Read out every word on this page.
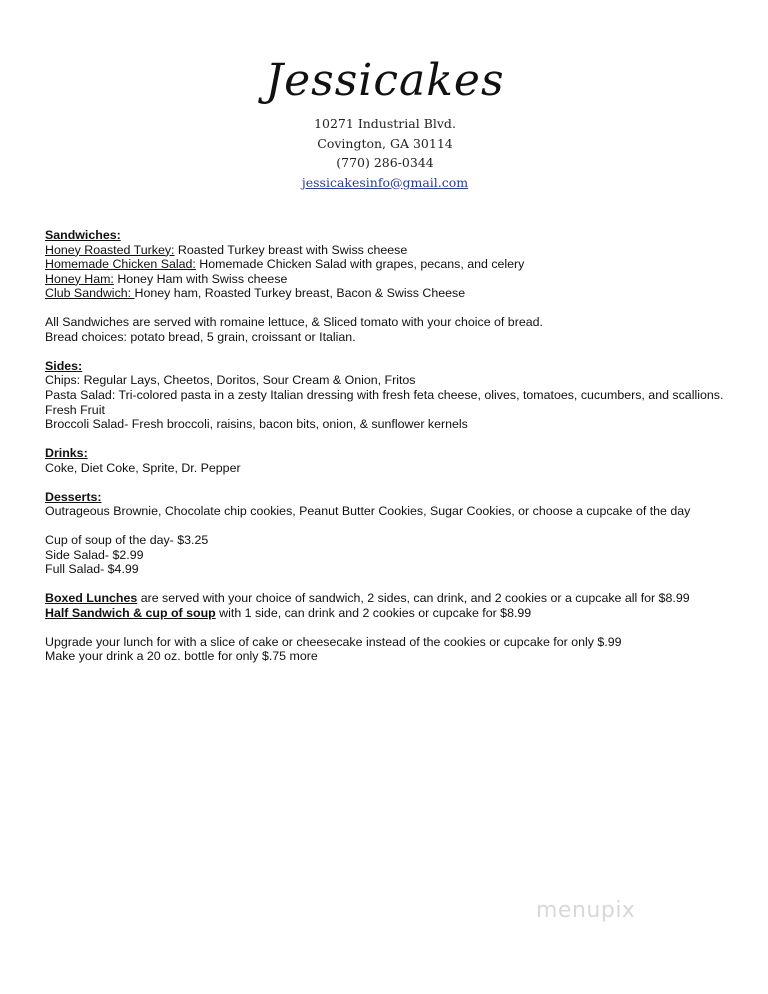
Jessicakes
10271 Industrial Blvd.
Covington, GA 30114
(770) 286-0344
jessicakesinfo@gmail.com
Sandwiches:
Honey Roasted Turkey: Roasted Turkey breast with Swiss cheese
Homemade Chicken Salad: Homemade Chicken Salad with grapes, pecans, and celery
Honey Ham: Honey Ham with Swiss cheese
Club Sandwich: Honey ham, Roasted Turkey breast, Bacon & Swiss Cheese
All Sandwiches are served with romaine lettuce, & Sliced tomato with your choice of bread.
Bread choices: potato bread, 5 grain, croissant or Italian.
Sides:
Chips: Regular Lays, Cheetos, Doritos, Sour Cream & Onion, Fritos
Pasta Salad: Tri-colored pasta in a zesty Italian dressing with fresh feta cheese, olives, tomatoes, cucumbers, and scallions.
Fresh Fruit
Broccoli Salad- Fresh broccoli, raisins, bacon bits, onion, & sunflower kernels
Drinks:
Coke, Diet Coke, Sprite, Dr. Pepper
Desserts:
Outrageous Brownie, Chocolate chip cookies, Peanut Butter Cookies, Sugar Cookies, or choose a cupcake of the day
Cup of soup of the day- $3.25
Side Salad- $2.99
Full Salad- $4.99
Boxed Lunches are served with your choice of sandwich, 2 sides, can drink, and 2 cookies or a cupcake all for $8.99
Half Sandwich & cup of soup with 1 side, can drink and 2 cookies or cupcake for $8.99
Upgrade your lunch for with a slice of cake or cheesecake instead of the cookies or cupcake for only $.99
Make your drink a 20 oz. bottle for only $.75 more
menupix
